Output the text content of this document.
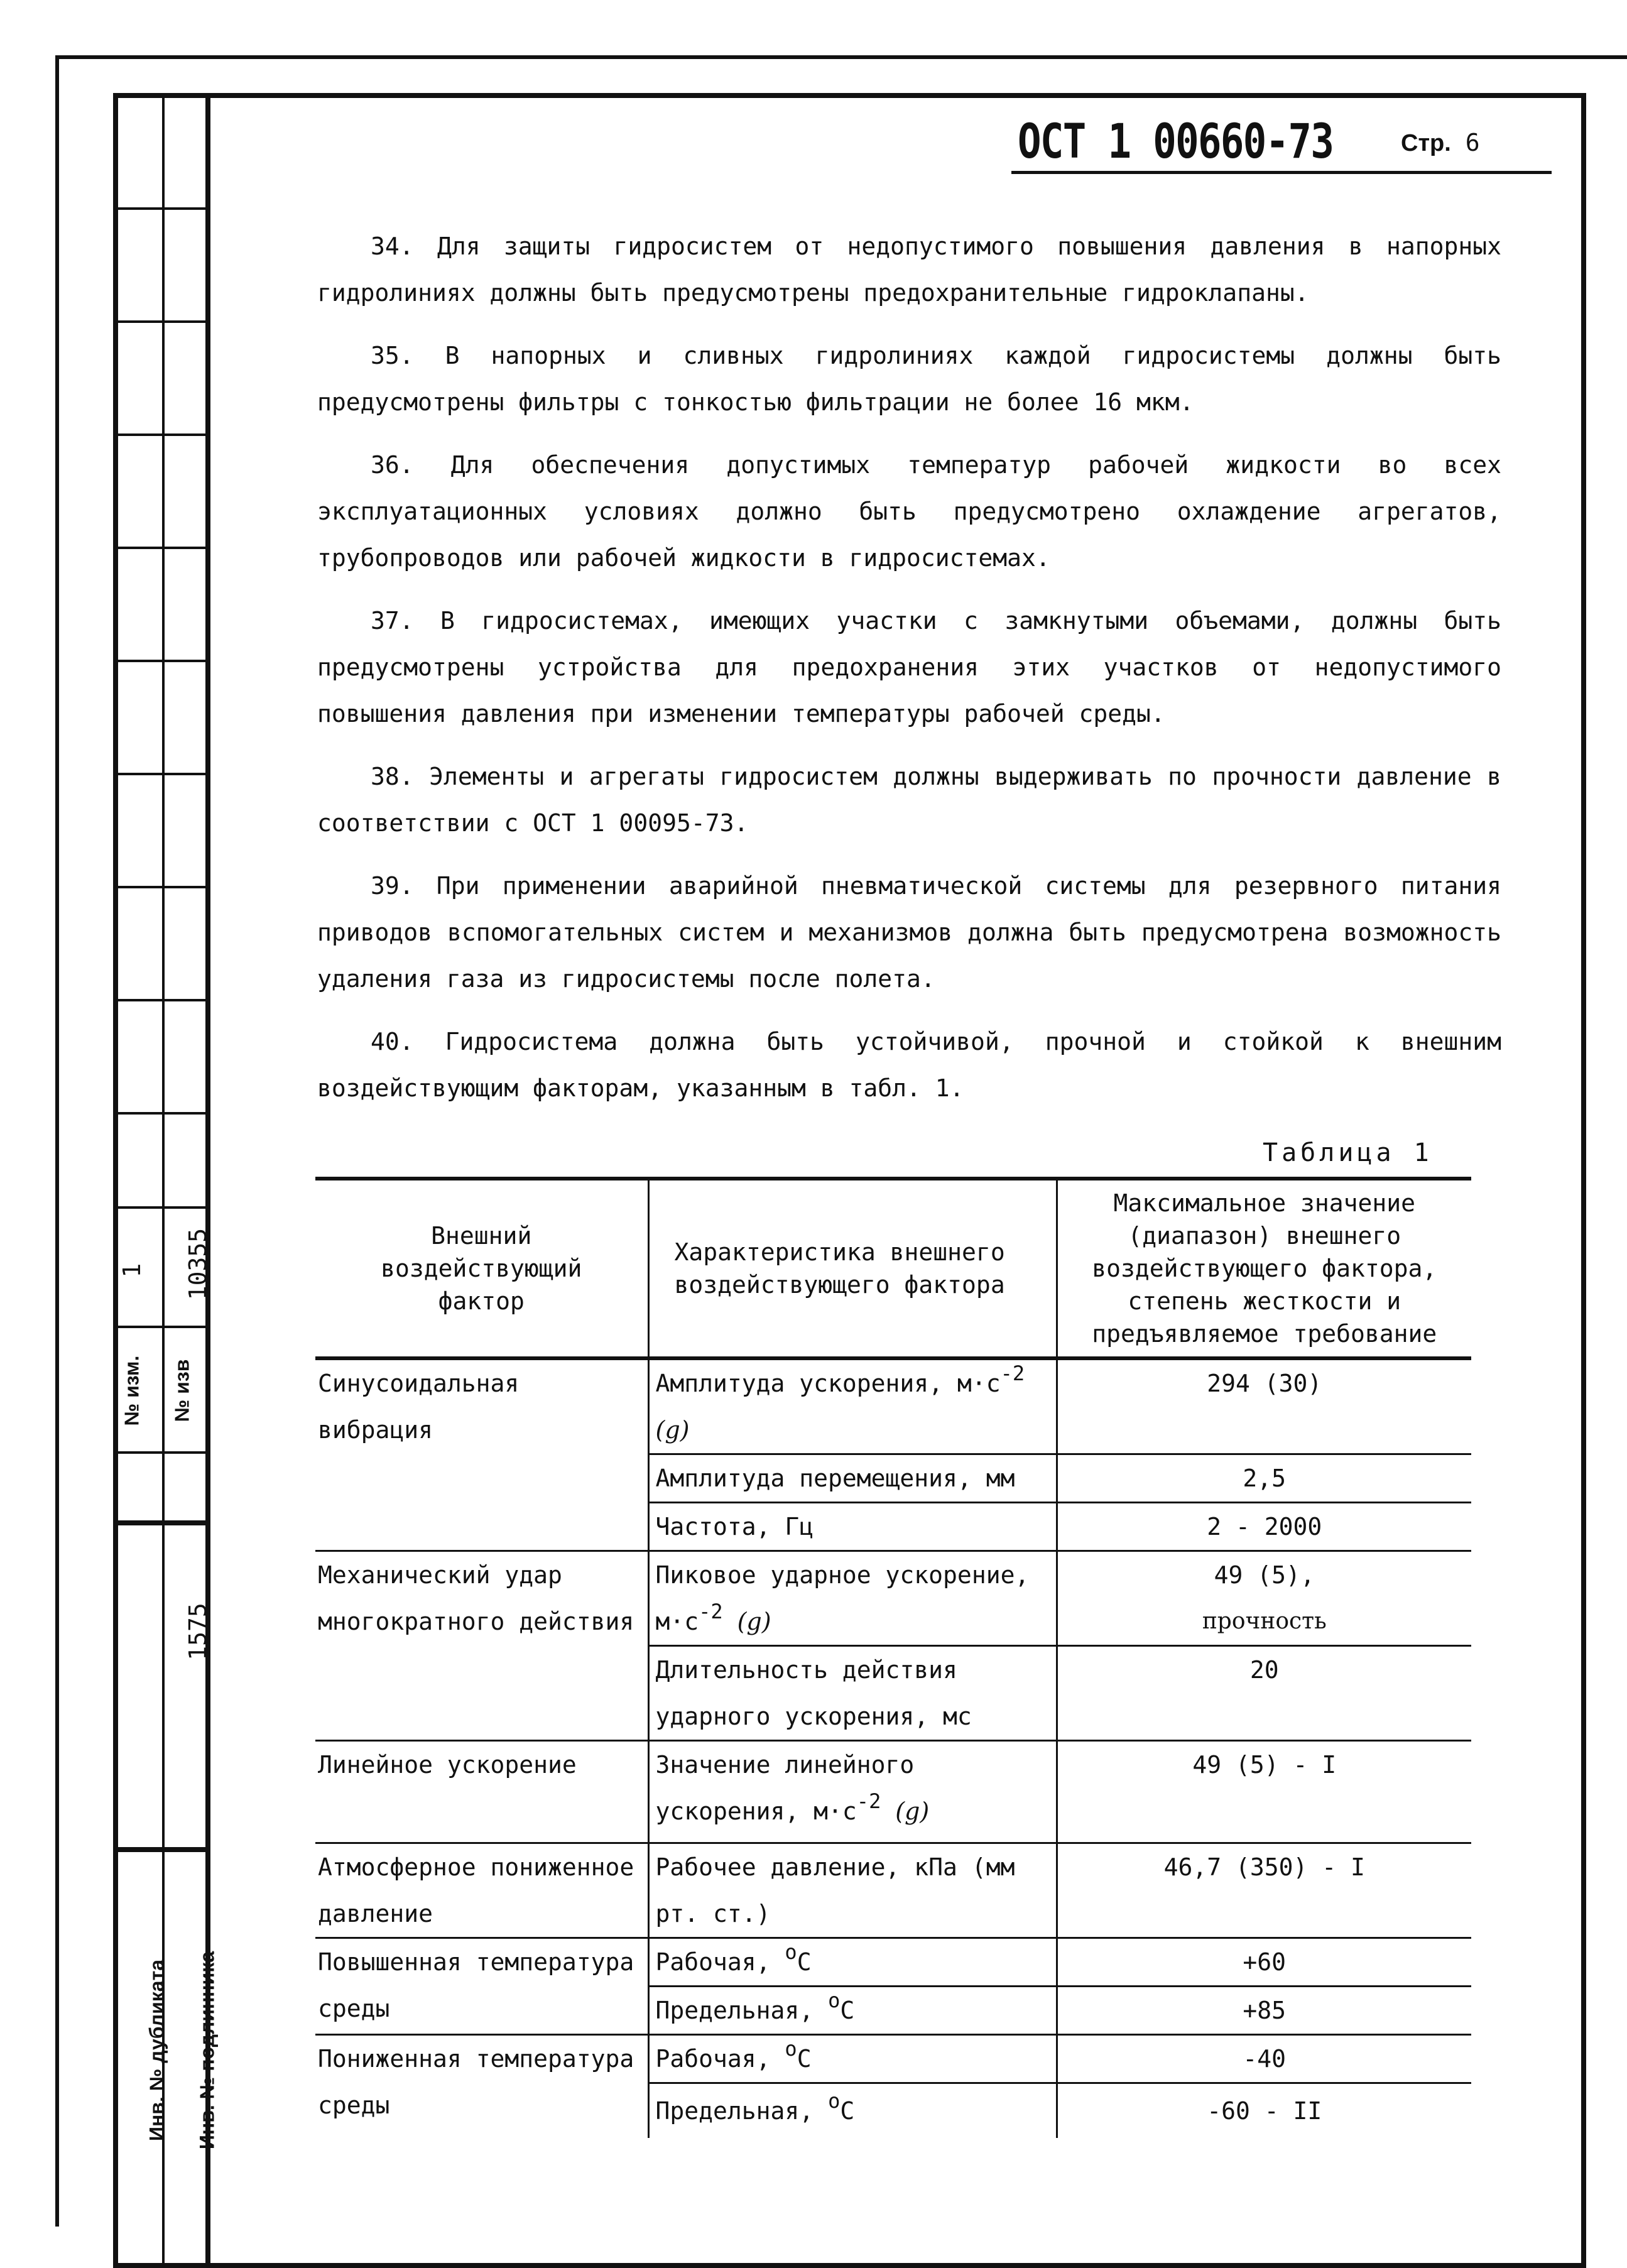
1 10355
№ изм. № изв
1575
Инв. № дубликата Инв. № подлинника
ОСТ 1 00660-73	Стр. 6

34. Для защиты гидросистем от недопустимого повышения давления в напорных гидролиниях должны быть предусмотрены предохранительные гидроклапаны.

35. В напорных и сливных гидролиниях каждой гидросистемы должны быть предусмотрены фильтры с тонкостью фильтрации не более 16 мкм.

36. Для обеспечения допустимых температур рабочей жидкости во всех эксплуатационных условиях должно быть предусмотрено охлаждение агрегатов, трубопроводов или рабочей жидкости в гидросистемах.

37. В гидросистемах, имеющих участки с замкнутыми объемами, должны быть предусмотрены устройства для предохранения этих участков от недопустимого повышения давления при изменении температуры рабочей среды.

38. Элементы и агрегаты гидросистем должны выдерживать по прочности давление в соответствии с ОСТ 1 00095-73.

39. При применении аварийной пневматической системы для резервного питания приводов вспомогательных систем и механизмов должна быть предусмотрена возможность удаления газа из гидросистемы после полета.

40. Гидросистема должна быть устойчивой, прочной и стойкой к внешним воздействующим факторам, указанным в табл. 1.

Таблица 1
Внешний воздействующий фактор	Характеристика внешнего воздействующего фактора	Максимальное значение (диапазон) внешнего воздействующего фактора, степень жесткости и предъявляемое требование
Синусоидальная вибрация	Амплитуда ускорения, $м\cdot с^{-2}$ (g)	294 (30)
	Амплитуда перемещения, мм	2,5
	Частота, Гц	2 - 2000
Механический удар многократного действия	Пиковое ударное ускорение, $м\cdot с^{-2}$ (g)	49 (5),
прочность

	Длительность действия ударного ускорения, мс	20
Линейное ускорение	Значение линейного ускорения, $м\cdot с^{-2}$ (g)	49 (5) - I
Атмосферное пониженное давление	Рабочее давление, кПа (мм рт. ст.)	46,7 (350) - I
Повышенная температура среды	Рабочая, $^o$C	+60
	Предельная, $^o$C	+85
Пониженная температура среды	Рабочая, $^o$C	-40
	Предельная, $^o$C	-60 - II
